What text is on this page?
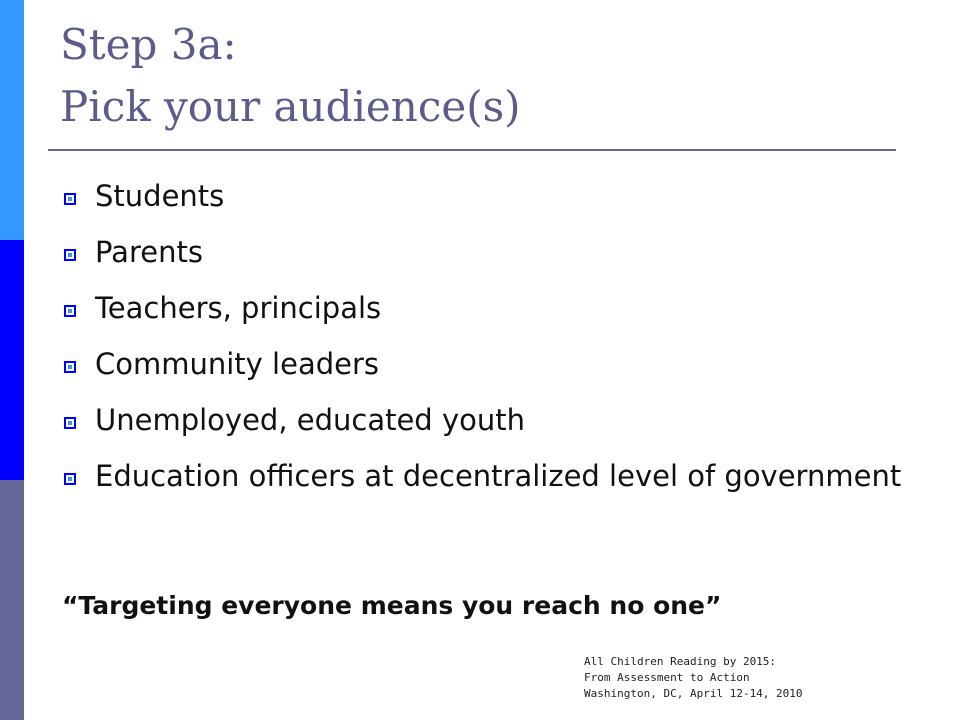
Step 3a:
Pick your audience(s)
Students
Parents
Teachers, principals
Community leaders
Unemployed, educated youth
Education officers at decentralized level of government

“Targeting everyone means you reach no one”

All Children Reading by 2015:
From Assessment to Action
Washington, DC, April 12-14, 2010
